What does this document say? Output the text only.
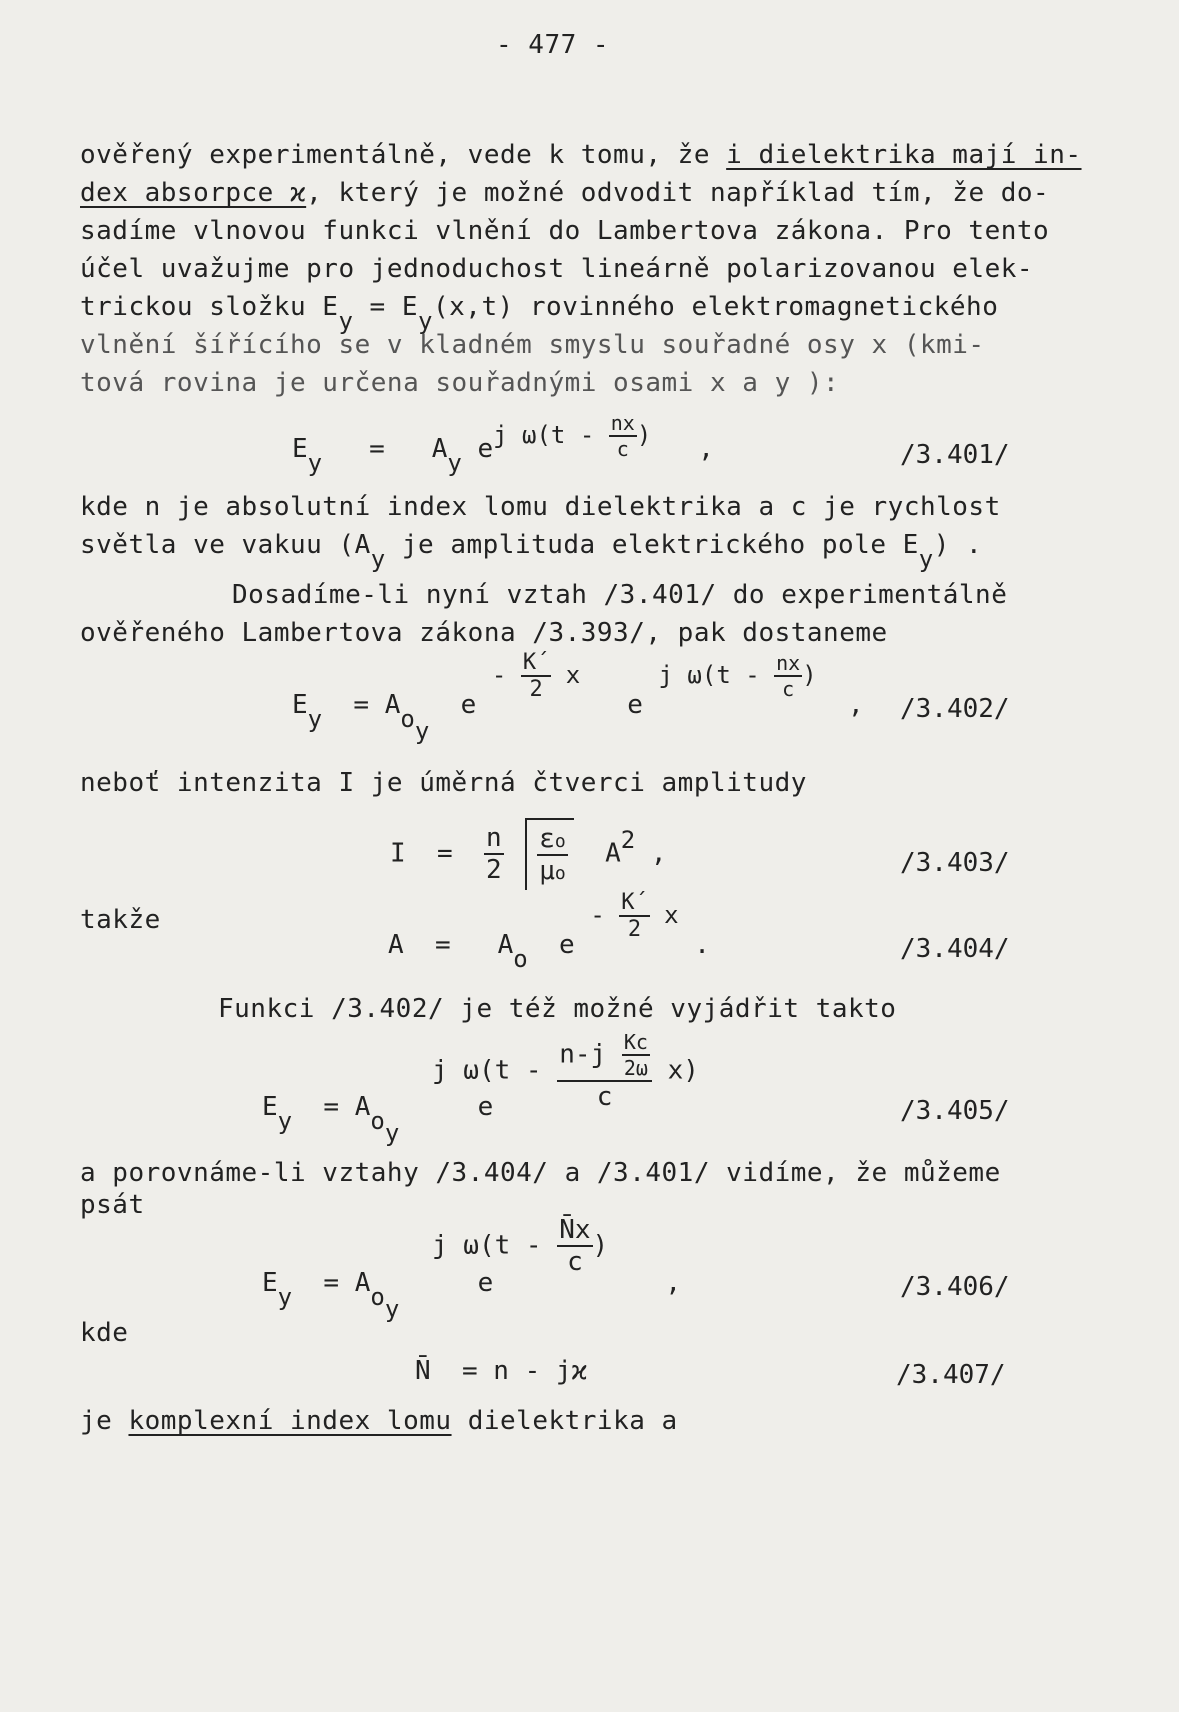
- 477 -
ověřený experimentálně, vede k tomu, že i dielektrika mají in-
dex absorpce ϰ, který je možné odvodit například tím, že do-
sadíme vlnovou funkci vlnění do Lambertova zákona. Pro tento
účel uvažujme pro jednoduchost lineárně polarizovanou elek-
trickou složku Ey = Ey(x,t) rovinného elektromagnetického
vlnění šířícího se v kladném smyslu souřadné osy x (kmi-
tová rovina je určena souřadnými osami x a y ):
Ey = Ay ej $\omega(t - \frac{nx}{c}$ ) ,	/3.401/
kde n je absolutní index lomu dielektrika a c je rychlost
světla ve vakuu (Ay je amplituda elektrického pole Ey) .
Dosadíme-li nyní vztah /3.401/ do experimentálně
ověřeného Lambertova zákona /3.393/, pak dostaneme
Ey = Aoy  e - $\frac{K´}{2}$ x   e j $\omega(t - \frac{nx}{c}$ )  , /3.402/
neboť intenzita I je úměrná čtverci amplitudy
$I = \frac{n}{2}$
$\frac{\varepsilon o}{\mu o} A2$ ,	/3.403/
takže
A = Ao e - $\frac{K´}{2}$ x .	/3.404/
Funkci /3.402/ je též možné vyjádřit takto
j $\omega(t - \frac{n-j \frac{Kc}{2\omega}}{c} x)$
Ey = Aoy     e	/3.405/
a porovnáme-li vztahy /3.404/ a /3.401/ vidíme, že můžeme
psát
j $\omega(t - \frac{N̄x}{c}$ )
Ey = Aoy     e	,	/3.406/
kde
N̄ = n - jϰ	/3.407/
je komplexní index lomu dielektrika a
